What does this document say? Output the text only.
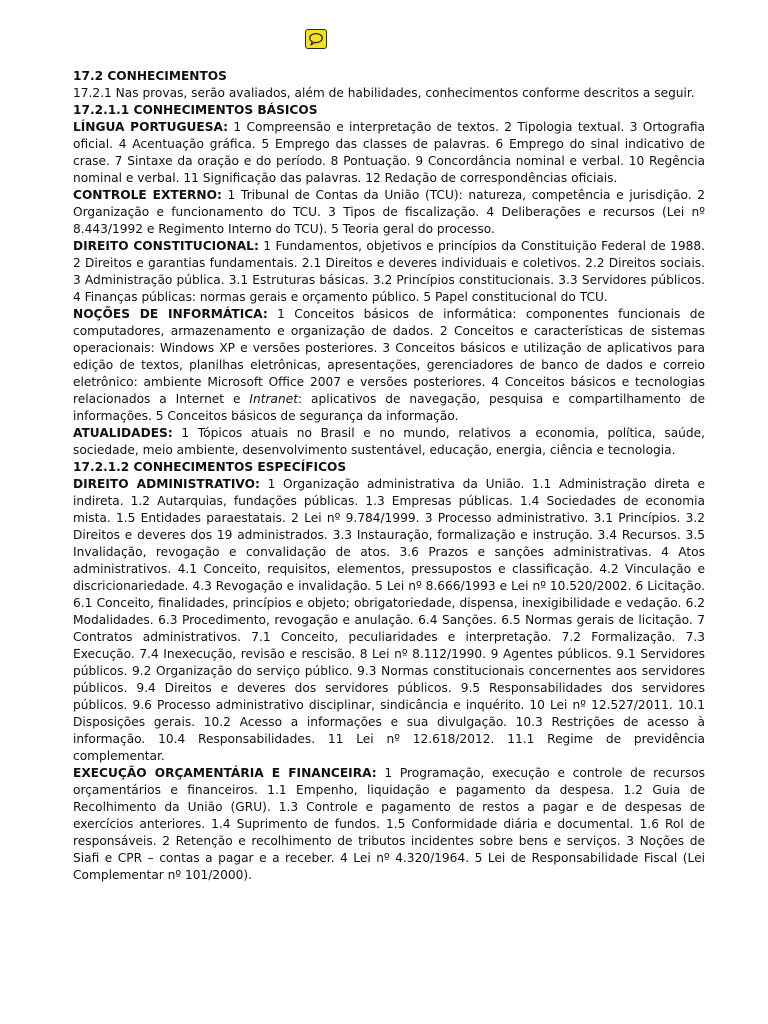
17.2 CONHECIMENTOS

17.2.1 Nas provas, serão avaliados, além de habilidades, conhecimentos conforme descritos a seguir.

17.2.1.1 CONHECIMENTOS BÁSICOS

LÍNGUA PORTUGUESA: 1 Compreensão e interpretação de textos. 2 Tipologia textual. 3 Ortografia oficial. 4 Acentuação gráfica. 5 Emprego das classes de palavras. 6 Emprego do sinal indicativo de crase. 7 Sintaxe da oração e do período. 8 Pontuação. 9 Concordância nominal e verbal. 10 Regência nominal e verbal. 11 Significação das palavras. 12 Redação de correspondências oficiais.

CONTROLE EXTERNO: 1 Tribunal de Contas da União (TCU): natureza, competência e jurisdição. 2 Organização e funcionamento do TCU. 3 Tipos de fiscalização. 4 Deliberações e recursos (Lei nº 8.443/1992 e Regimento Interno do TCU). 5 Teoria geral do processo.

DIREITO CONSTITUCIONAL: 1 Fundamentos, objetivos e princípios da Constituição Federal de 1988. 2 Direitos e garantias fundamentais. 2.1 Direitos e deveres individuais e coletivos. 2.2 Direitos sociais. 3 Administração pública. 3.1 Estruturas básicas. 3.2 Princípios constitucionais. 3.3 Servidores públicos. 4 Finanças públicas: normas gerais e orçamento público. 5 Papel constitucional do TCU.

NOÇÕES DE INFORMÁTICA: 1 Conceitos básicos de informática: componentes funcionais de computadores, armazenamento e organização de dados. 2 Conceitos e características de sistemas operacionais: Windows XP e versões posteriores. 3 Conceitos básicos e utilização de aplicativos para edição de textos, planilhas eletrônicas, apresentações, gerenciadores de banco de dados e correio eletrônico: ambiente Microsoft Office 2007 e versões posteriores. 4 Conceitos básicos e tecnologias relacionados a Internet e Intranet: aplicativos de navegação, pesquisa e compartilhamento de informações. 5 Conceitos básicos de segurança da informação.

ATUALIDADES: 1 Tópicos atuais no Brasil e no mundo, relativos a economia, política, saúde, sociedade, meio ambiente, desenvolvimento sustentável, educação, energia, ciência e tecnologia.

17.2.1.2 CONHECIMENTOS ESPECÍFICOS

DIREITO ADMINISTRATIVO: 1 Organização administrativa da União. 1.1 Administração direta e indireta. 1.2 Autarquias, fundações públicas. 1.3 Empresas públicas. 1.4 Sociedades de economia mista. 1.5 Entidades paraestatais. 2 Lei nº 9.784/1999. 3 Processo administrativo. 3.1 Princípios. 3.2 Direitos e deveres dos 19 administrados. 3.3 Instauração, formalização e instrução. 3.4 Recursos. 3.5 Invalidação, revogação e convalidação de atos. 3.6 Prazos e sanções administrativas. 4 Atos administrativos. 4.1 Conceito, requisitos, elementos, pressupostos e classificação. 4.2 Vinculação e discricionariedade. 4.3 Revogação e invalidação. 5 Lei nº 8.666/1993 e Lei nº 10.520/2002. 6 Licitação. 6.1 Conceito, finalidades, princípios e objeto; obrigatoriedade, dispensa, inexigibilidade e vedação. 6.2 Modalidades. 6.3 Procedimento, revogação e anulação. 6.4 Sanções. 6.5 Normas gerais de licitação. 7 Contratos administrativos. 7.1 Conceito, peculiaridades e interpretação. 7.2 Formalização. 7.3 Execução. 7.4 Inexecução, revisão e rescisão. 8 Lei nº 8.112/1990. 9 Agentes públicos. 9.1 Servidores públicos. 9.2 Organização do serviço público. 9.3 Normas constitucionais concernentes aos servidores públicos. 9.4 Direitos e deveres dos servidores públicos. 9.5 Responsabilidades dos servidores públicos. 9.6 Processo administrativo disciplinar, sindicância e inquérito. 10 Lei nº 12.527/2011. 10.1 Disposições gerais. 10.2 Acesso a informações e sua divulgação. 10.3 Restrições de acesso à informação. 10.4 Responsabilidades. 11 Lei nº 12.618/2012. 11.1 Regime de previdência complementar.

EXECUÇÃO ORÇAMENTÁRIA E FINANCEIRA: 1 Programação, execução e controle de recursos orçamentários e financeiros. 1.1 Empenho, liquidação e pagamento da despesa. 1.2 Guia de Recolhimento da União (GRU). 1.3 Controle e pagamento de restos a pagar e de despesas de exercícios anteriores. 1.4 Suprimento de fundos. 1.5 Conformidade diária e documental. 1.6 Rol de responsáveis. 2 Retenção e recolhimento de tributos incidentes sobre bens e serviços. 3 Noções de Siafi e CPR – contas a pagar e a receber. 4 Lei nº 4.320/1964. 5 Lei de Responsabilidade Fiscal (Lei Complementar nº 101/2000).
